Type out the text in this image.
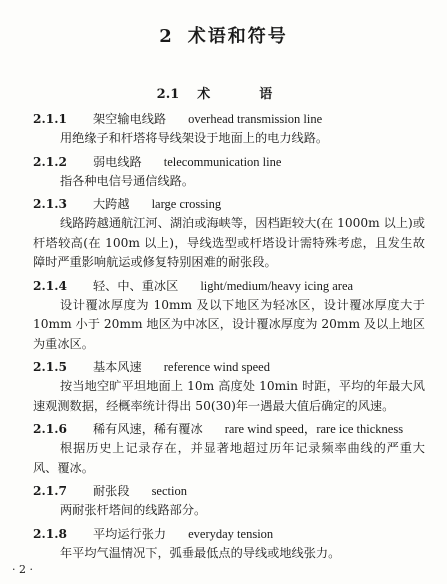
2 术语和符号
2.1 术　语
2.1.1 架空输电线路 overhead transmission line

用绝缘子和杆塔将导线架设于地面上的电力线路。

2.1.2 弱电线路 telecommunication line

指各种电信号通信线路。

2.1.3 大跨越 large crossing

线路跨越通航江河、湖泊或海峡等，因档距较大(在 1000m 以上)或杆塔较高(在 100m 以上)，导线选型或杆塔设计需特殊考虑，且发生故障时严重影响航运或修复特别困难的耐张段。

2.1.4 轻、中、重冰区 light/medium/heavy icing area

设计覆冰厚度为 10mm 及以下地区为轻冰区，设计覆冰厚度大于 10mm 小于 20mm 地区为中冰区，设计覆冰厚度为 20mm 及以上地区为重冰区。

2.1.5 基本风速 reference wind speed

按当地空旷平坦地面上 10m 高度处 10min 时距，平均的年最大风速观测数据，经概率统计得出 50(30)年一遇最大值后确定的风速。

2.1.6 稀有风速，稀有覆冰 rare wind speed，rare ice thickness

根据历史上记录存在，并显著地超过历年记录频率曲线的严重大风、覆冰。

2.1.7 耐张段 section

两耐张杆塔间的线路部分。

2.1.8 平均运行张力 everyday tension

年平均气温情况下，弧垂最低点的导线或地线张力。

· 2 ·
